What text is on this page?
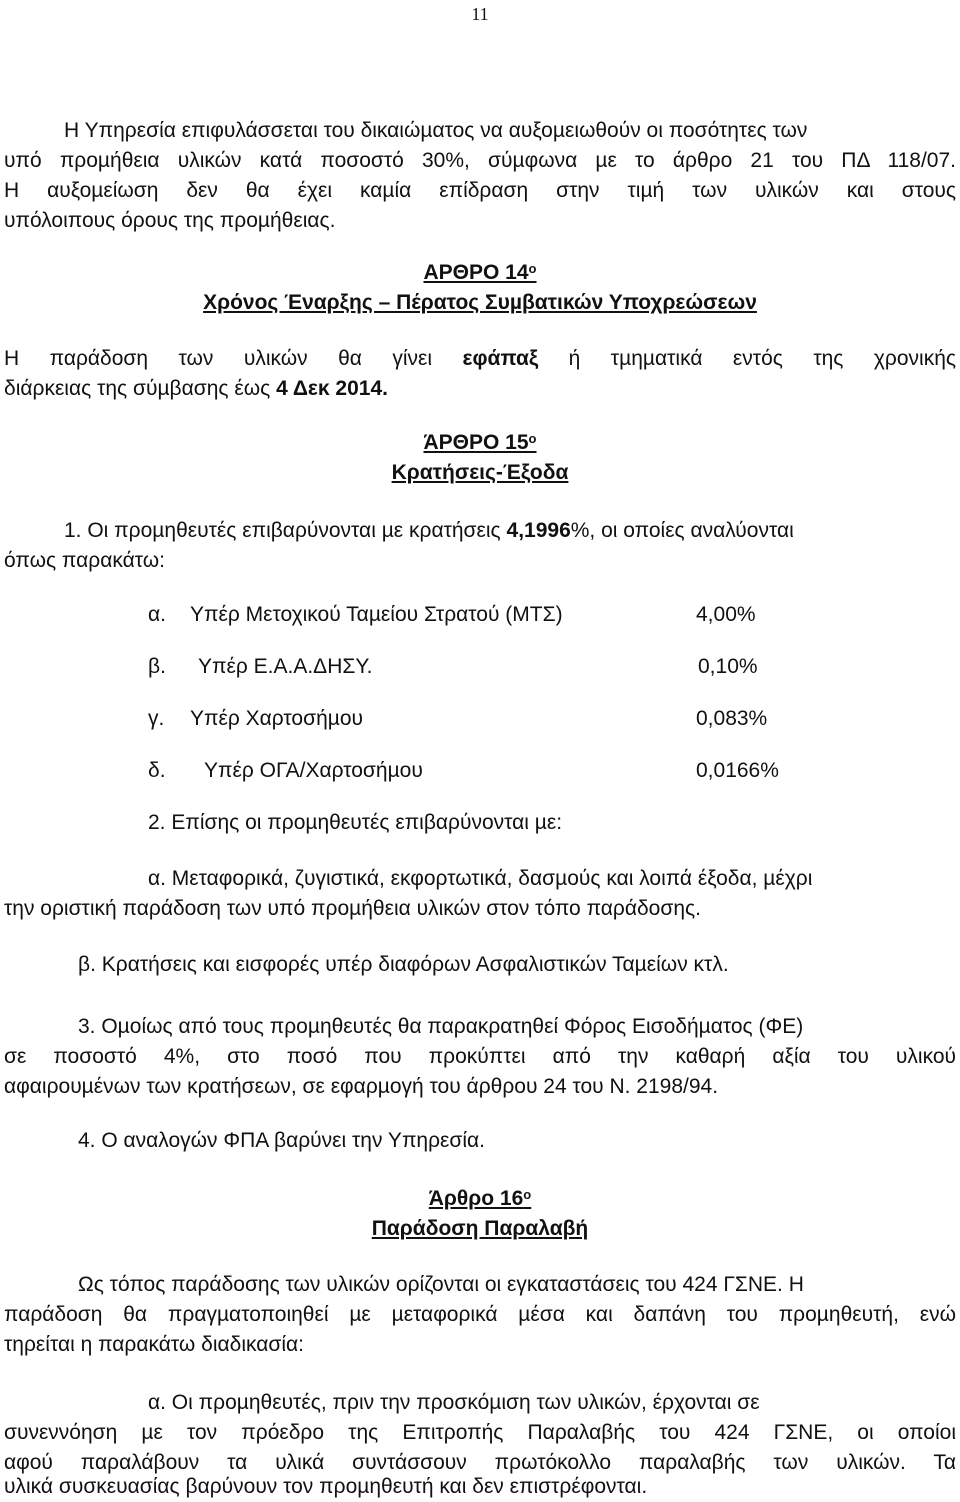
11
Η Υπηρεσία επιφυλάσσεται του δικαιώµατος να αυξοµειωθούν οι ποσότητες των
υπό προµήθεια υλικών κατά ποσοστό 30%, σύµφωνα µε το άρθρο 21 του ΠΔ 118/07.
Η αυξοµείωση δεν θα έχει καµία επίδραση στην τιµή των υλικών και στους
υπόλοιπους όρους της προµήθειας.
ΑΡΘΡΟ $14^o$
Χρόνος Έναρξης – Πέρατος Συµβατικών Υποχρεώσεων
Η παράδοση των υλικών θα γίνει εφάπαξ ή τµηµατικά εντός της χρονικής
διάρκειας της σύµβασης έως 4 Δεκ 2014.
ΆΡΘΡΟ $15^o$
Κρατήσεις-Έξοδα
1. Οι προµηθευτές επιβαρύνονται µε κρατήσεις 4,1996%, οι οποίες αναλύονται
όπως παρακάτω:
α. Υπέρ Μετοχικού Ταµείου Στρατού (ΜΤΣ)	4,00%
β. Υπέρ Ε.Α.Α.ΔΗΣΥ.	0,10%
γ. Υπέρ Χαρτοσήµου	0,083%
δ. Υπέρ ΟΓΑ/Χαρτοσήµου	0,0166%
2. Επίσης οι προµηθευτές επιβαρύνονται µε:
α. Μεταφορικά, ζυγιστικά, εκφορτωτικά, δασµούς και λοιπά έξοδα, µέχρι
την οριστική παράδοση των υπό προµήθεια υλικών στον τόπο παράδοσης.
β. Κρατήσεις και εισφορές υπέρ διαφόρων Ασφαλιστικών Ταµείων κτλ.
3. Οµοίως από τους προµηθευτές θα παρακρατηθεί Φόρος Εισοδήµατος (ΦΕ)
σε ποσοστό 4%, στο ποσό που προκύπτει από την καθαρή αξία του υλικού
αφαιρουµένων των κρατήσεων, σε εφαρµογή του άρθρου 24 του Ν. 2198/94.
4. Ο αναλογών ΦΠΑ βαρύνει την Υπηρεσία.
Άρθρο $16^o$
Παράδοση Παραλαβή
Ως τόπος παράδοσης των υλικών ορίζονται οι εγκαταστάσεις του 424 ΓΣΝΕ. Η
παράδοση θα πραγµατοποιηθεί µε µεταφορικά µέσα και δαπάνη του προµηθευτή, ενώ
τηρείται η παρακάτω διαδικασία:
α. Οι προµηθευτές, πριν την προσκόµιση των υλικών, έρχονται σε
συνεννόηση µε τον πρόεδρο της Επιτροπής Παραλαβής του 424 ΓΣΝΕ, οι οποίοι
αφού παραλάβουν τα υλικά συντάσσουν πρωτόκολλο παραλαβής των υλικών. Τα
υλικά συσκευασίας βαρύνουν τον προµηθευτή και δεν επιστρέφονται.
